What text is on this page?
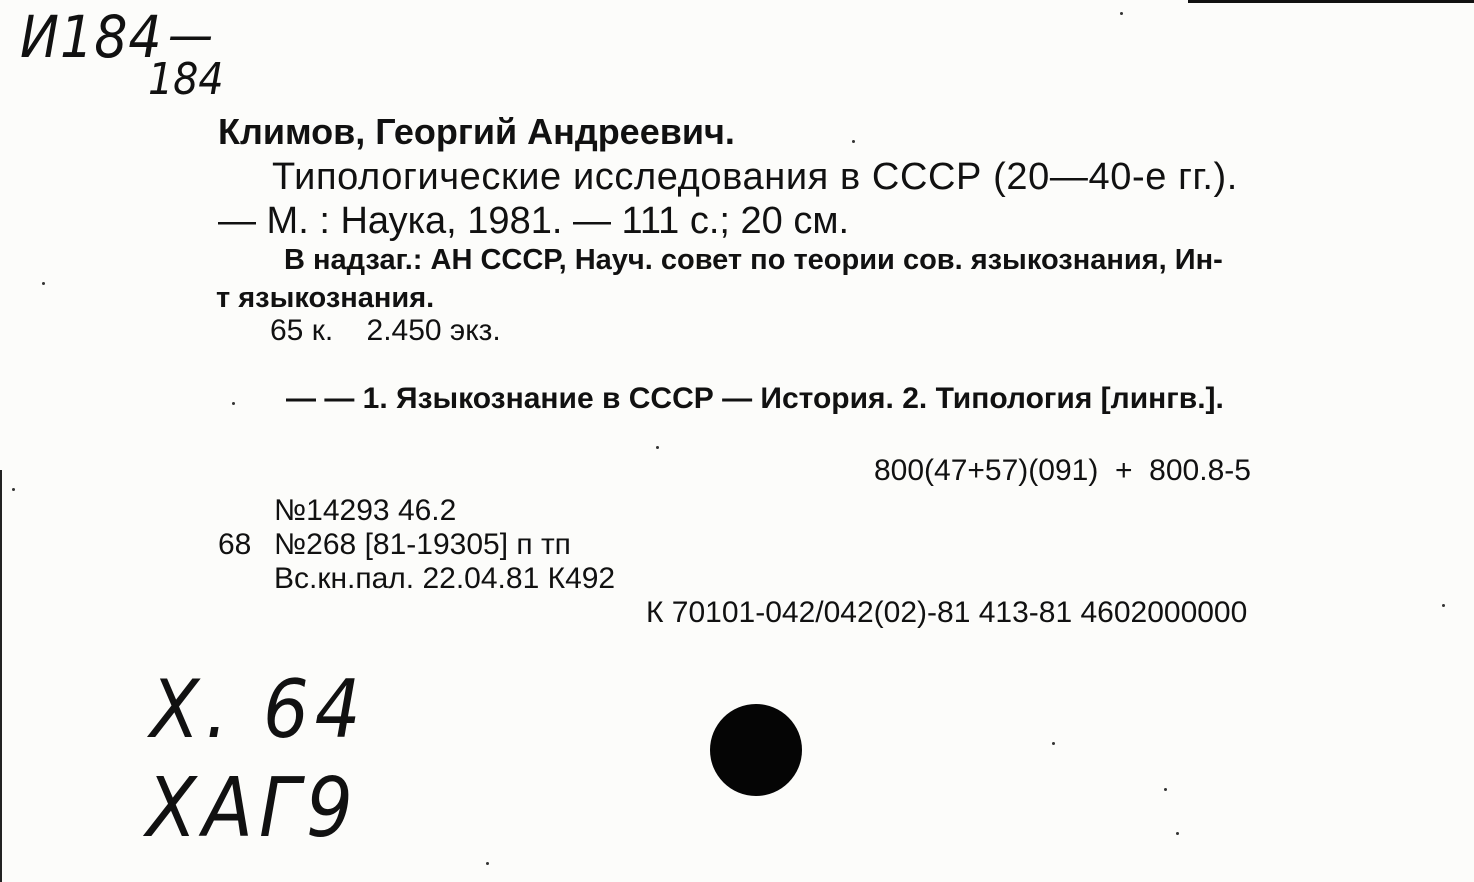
И184 —
184
Климов, Георгий Андреевич.
Типологические исследования в СССР (20—40-е гг.).
— М. : Наука, 1981. — 111 с.; 20 см.
В надзаг.: АН СССР, Науч. совет по теории сов. языкознания, Ин-
т языкознания.
65 к.    2.450 экз.
— — 1. Языкознание в СССР — История. 2. Типология [лингв.].
800(47+57)(091)  +  800.8-5
№14293 46.2
68 №268 [81-19305] п тп
Вс.кн.пал. 22.04.81 К492
К 70101-042/042(02)-81 413-81 4602000000
Х. 64
ХАГ9
